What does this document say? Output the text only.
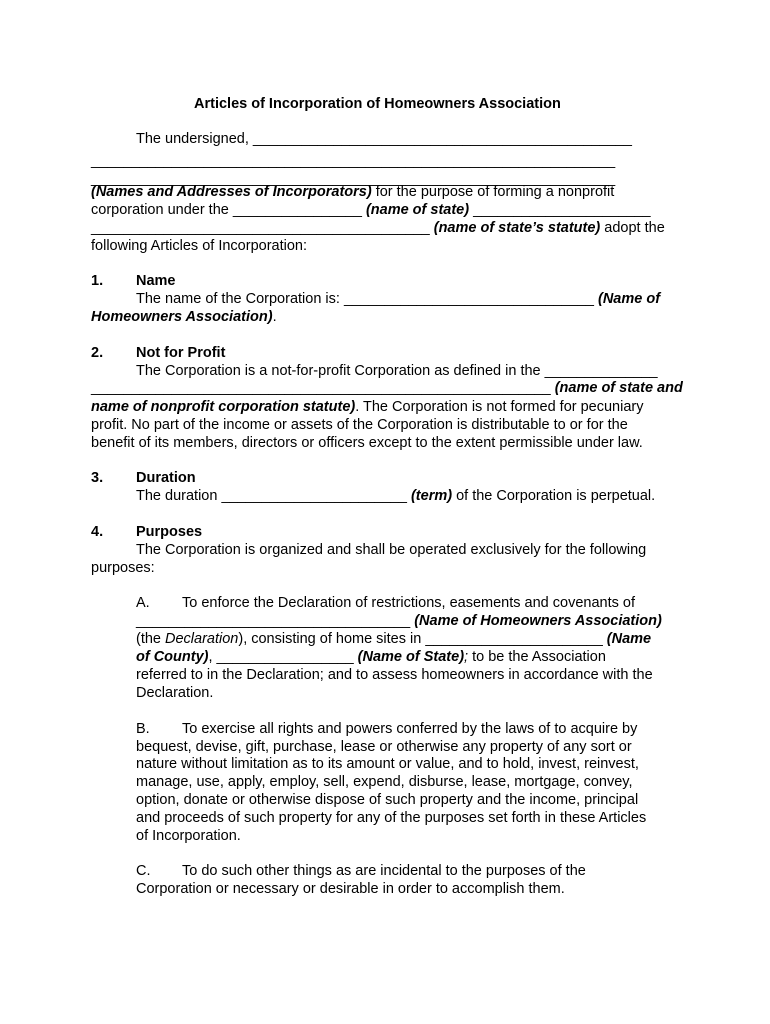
Articles of Incorporation of Homeowners Association
The undersigned, _______________________________________________
_________________________________________________________________
_________________________________________________________________
(Names and Addresses of Incorporators) for the purpose of forming a nonprofit
corporation under the ________________ (name of state) ______________________
__________________________________________ (name of state’s statute) adopt the
following Articles of Incorporation:
1. Name
The name of the Corporation is: _______________________________ (Name of
Homeowners Association).
2. Not for Profit
The Corporation is a not-for-profit Corporation as defined in the ______________
_________________________________________________________ (name of state and
name of nonprofit corporation statute). The Corporation is not formed for pecuniary
profit. No part of the income or assets of the Corporation is distributable to or for the
benefit of its members, directors or officers except to the extent permissible under law.
3. Duration
The duration _______________________ (term) of the Corporation is perpetual.
4. Purposes
The Corporation is organized and shall be operated exclusively for the following
purposes:
A. To enforce the Declaration of restrictions, easements and covenants of
__________________________________ (Name of Homeowners Association)
(the Declaration), consisting of home sites in ______________________ (Name
of County), _________________ (Name of State); to be the Association
referred to in the Declaration; and to assess homeowners in accordance with the
Declaration.
B. To exercise all rights and powers conferred by the laws of to acquire by
bequest, devise, gift, purchase, lease or otherwise any property of any sort or
nature without limitation as to its amount or value, and to hold, invest, reinvest,
manage, use, apply, employ, sell, expend, disburse, lease, mortgage, convey,
option, donate or otherwise dispose of such property and the income, principal
and proceeds of such property for any of the purposes set forth in these Articles
of Incorporation.
C. To do such other things as are incidental to the purposes of the
Corporation or necessary or desirable in order to accomplish them.
